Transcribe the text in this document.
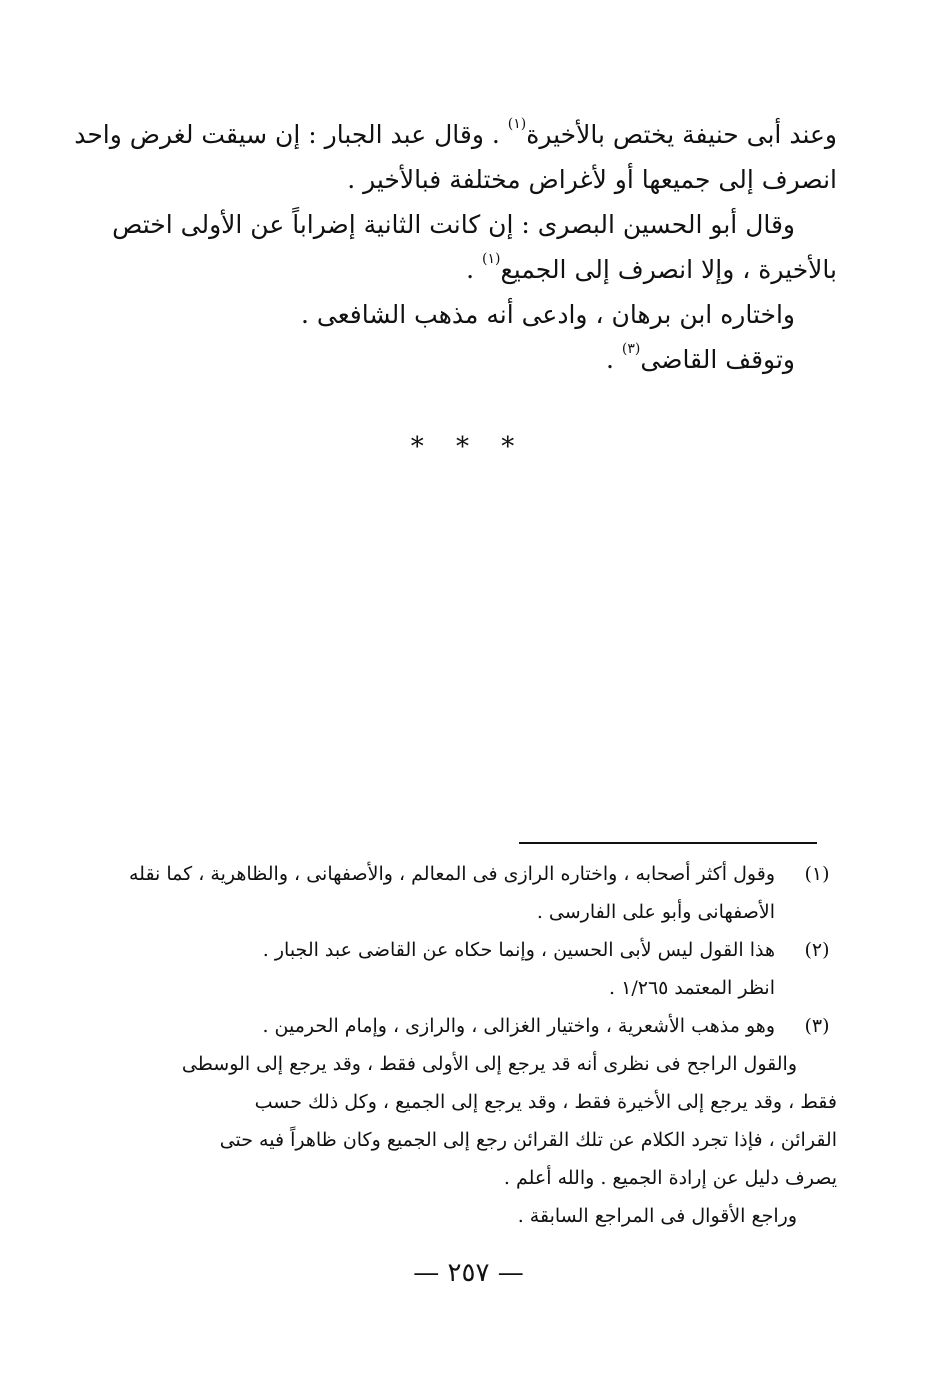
وعند أبى حنيفة يختص بالأخيرة$^{(١)}$ . وقال عبد الجبار : إن سيقت لغرض واحد
انصرف إلى جميعها أو لأغراض مختلفة فبالأخير .
وقال أبو الحسين البصرى : إن كانت الثانية إضراباً عن الأولى اختص
بالأخيرة ، وإلا انصرف إلى الجميع$^{(١)}$ .
واختاره ابن برهان ، وادعى أنه مذهب الشافعى .
وتوقف القاضى$^{(٣)}$ .
* * *
(١)
وقول أكثر أصحابه ، واختاره الرازى فى المعالم ، والأصفهانى ، والظاهرية ، كما نقله
الأصفهانى وأبو على الفارسى .
(٢)
هذا القول ليس لأبى الحسين ، وإنما حكاه عن القاضى عبد الجبار .
انظر المعتمد ١/٢٦٥ .
(٣)
وهو مذهب الأشعرية ، واختيار الغزالى ، والرازى ، وإمام الحرمين .
والقول الراجح فى نظرى أنه قد يرجع إلى الأولى فقط ، وقد يرجع إلى الوسطى
فقط ، وقد يرجع إلى الأخيرة فقط ، وقد يرجع إلى الجميع ، وكل ذلك حسب
القرائن ، فإذا تجرد الكلام عن تلك القرائن رجع إلى الجميع وكان ظاهراً فيه حتى
يصرف دليل عن إرادة الجميع . والله أعلم .
وراجع الأقوال فى المراجع السابقة .
— ٢٥٧ —
